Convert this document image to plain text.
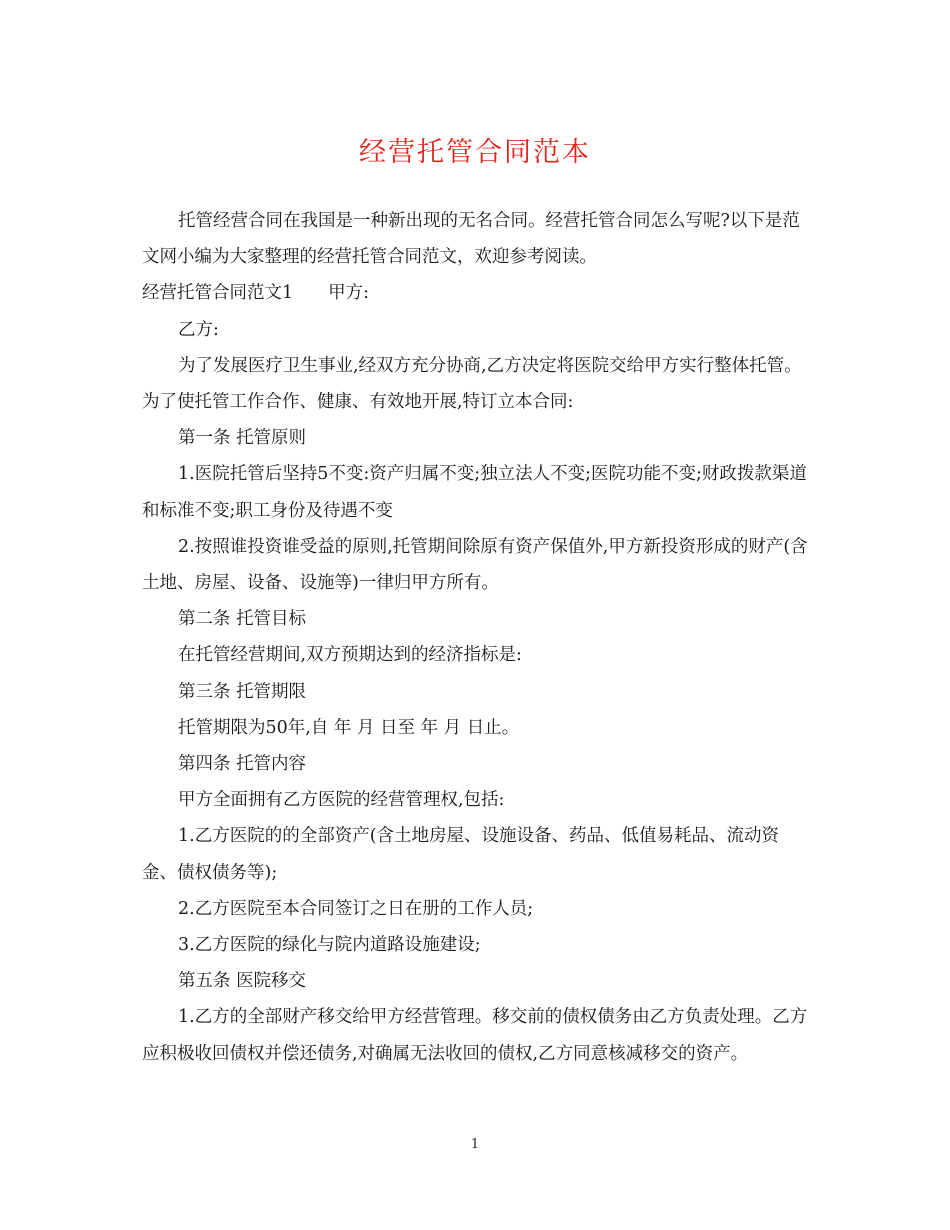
经营托管合同范本

托管经营合同在我国是一种新出现的无名合同。经营托管合同怎么写呢?以下是范文网小编为大家整理的经营托管合同范文，欢迎参考阅读。

经营托管合同范文1　　甲方:

乙方:

为了发展医疗卫生事业,经双方充分协商,乙方决定将医院交给甲方实行整体托管。为了使托管工作合作、健康、有效地开展,特订立本合同:

第一条 托管原则

1.医院托管后坚持5不变:资产归属不变;独立法人不变;医院功能不变;财政拨款渠道和标准不变;职工身份及待遇不变

2.按照谁投资谁受益的原则,托管期间除原有资产保值外,甲方新投资形成的财产(含土地、房屋、设备、设施等)一律归甲方所有。

第二条 托管目标

在托管经营期间,双方预期达到的经济指标是:

第三条 托管期限

托管期限为50年,自 年 月 日至 年 月 日止。

第四条 托管内容

甲方全面拥有乙方医院的经营管理权,包括:

1.乙方医院的的全部资产(含土地房屋、设施设备、药品、低值易耗品、流动资金、债权债务等);

2.乙方医院至本合同签订之日在册的工作人员;

3.乙方医院的绿化与院内道路设施建设;

第五条 医院移交

1.乙方的全部财产移交给甲方经营管理。移交前的债权债务由乙方负责处理。乙方应积极收回债权并偿还债务,对确属无法收回的债权,乙方同意核减移交的资产。

1
